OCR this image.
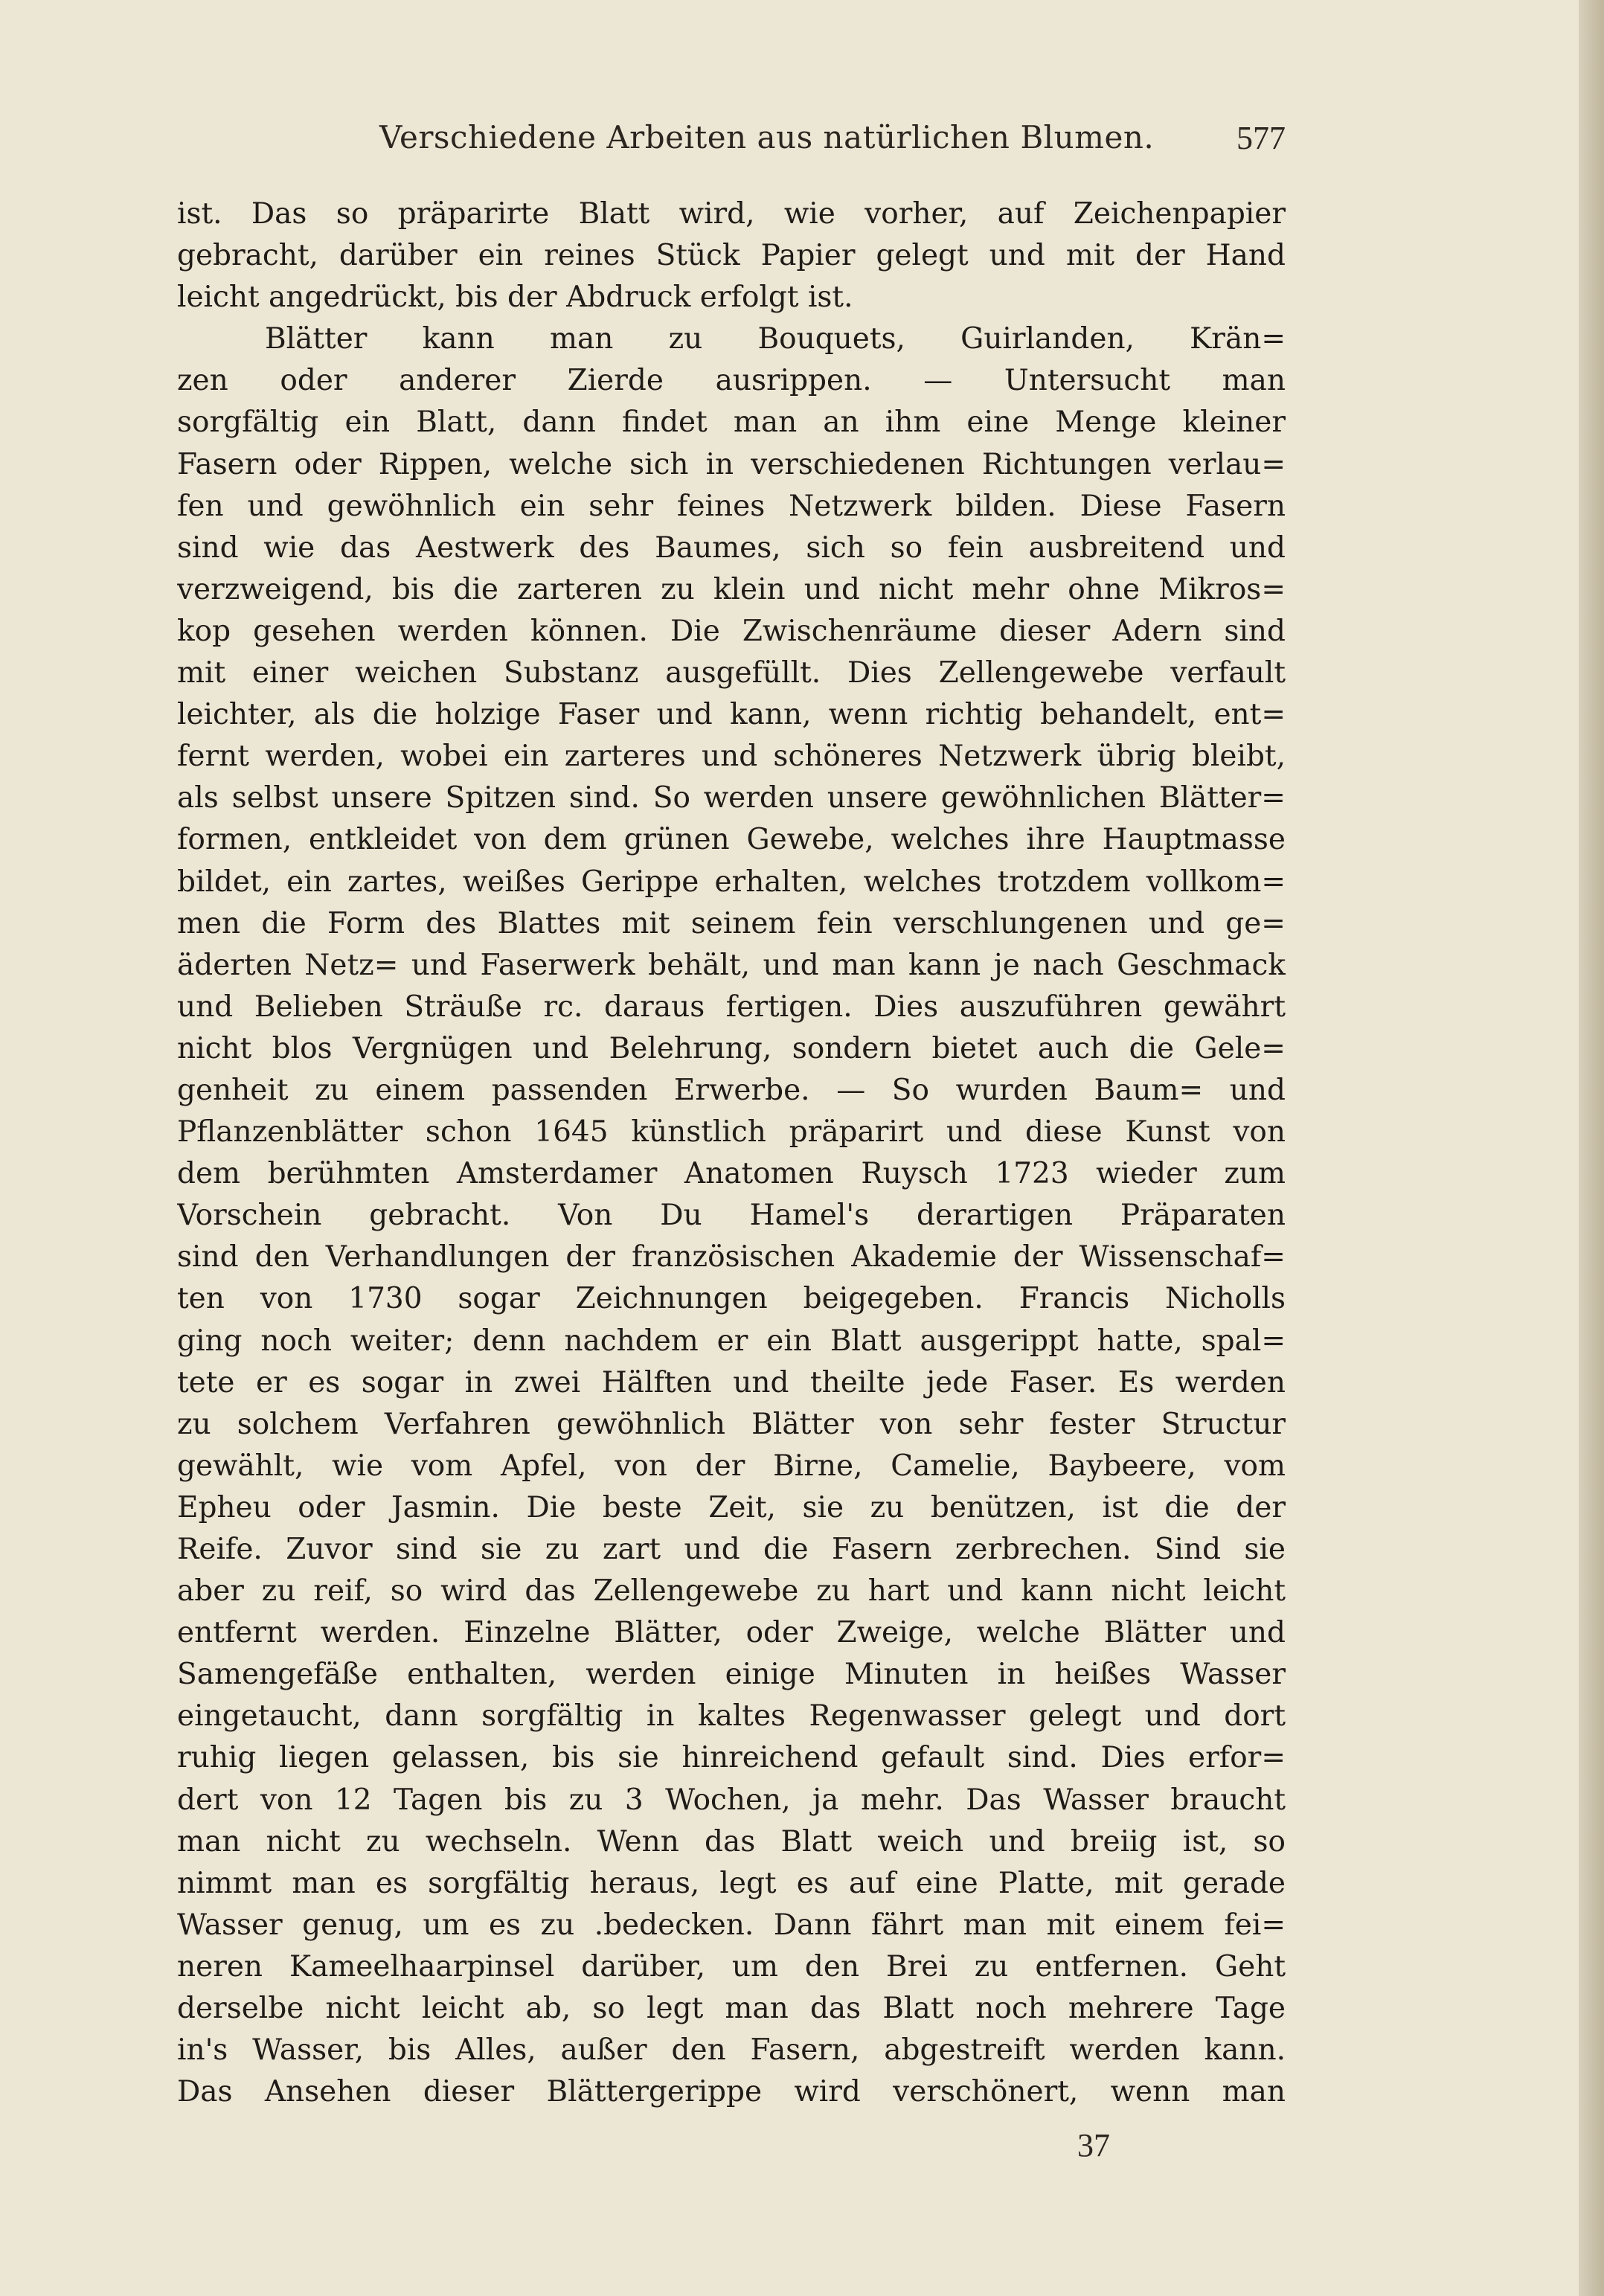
Verschiedene Arbeiten aus natürlichen Blumen.	577
ist. Das so präparirte Blatt wird, wie vorher, auf Zeichenpapier
gebracht, darüber ein reines Stück Papier gelegt und mit der Hand
leicht angedrückt, bis der Abdruck erfolgt ist.
Blätter kann man zu Bouquets, Guirlanden, Krän=
zen oder anderer Zierde ausrippen. — Untersucht man
sorgfältig ein Blatt, dann findet man an ihm eine Menge kleiner
Fasern oder Rippen, welche sich in verschiedenen Richtungen verlau=
fen und gewöhnlich ein sehr feines Netzwerk bilden. Diese Fasern
sind wie das Aestwerk des Baumes, sich so fein ausbreitend und
verzweigend, bis die zarteren zu klein und nicht mehr ohne Mikros=
kop gesehen werden können. Die Zwischenräume dieser Adern sind
mit einer weichen Substanz ausgefüllt. Dies Zellengewebe verfault
leichter, als die holzige Faser und kann, wenn richtig behandelt, ent=
fernt werden, wobei ein zarteres und schöneres Netzwerk übrig bleibt,
als selbst unsere Spitzen sind. So werden unsere gewöhnlichen Blätter=
formen, entkleidet von dem grünen Gewebe, welches ihre Hauptmasse
bildet, ein zartes, weißes Gerippe erhalten, welches trotzdem vollkom=
men die Form des Blattes mit seinem fein verschlungenen und ge=
äderten Netz= und Faserwerk behält, und man kann je nach Geschmack
und Belieben Sträuße rc. daraus fertigen. Dies auszuführen gewährt
nicht blos Vergnügen und Belehrung, sondern bietet auch die Gele=
genheit zu einem passenden Erwerbe. — So wurden Baum= und
Pflanzenblätter schon 1645 künstlich präparirt und diese Kunst von
dem berühmten Amsterdamer Anatomen Ruysch 1723 wieder zum
Vorschein gebracht. Von Du Hamel's derartigen Präparaten
sind den Verhandlungen der französischen Akademie der Wissenschaf=
ten von 1730 sogar Zeichnungen beigegeben. Francis Nicholls
ging noch weiter; denn nachdem er ein Blatt ausgerippt hatte, spal=
tete er es sogar in zwei Hälften und theilte jede Faser. Es werden
zu solchem Verfahren gewöhnlich Blätter von sehr fester Structur
gewählt, wie vom Apfel, von der Birne, Camelie, Baybeere, vom
Epheu oder Jasmin. Die beste Zeit, sie zu benützen, ist die der
Reife. Zuvor sind sie zu zart und die Fasern zerbrechen. Sind sie
aber zu reif, so wird das Zellengewebe zu hart und kann nicht leicht
entfernt werden. Einzelne Blätter, oder Zweige, welche Blätter und
Samengefäße enthalten, werden einige Minuten in heißes Wasser
eingetaucht, dann sorgfältig in kaltes Regenwasser gelegt und dort
ruhig liegen gelassen, bis sie hinreichend gefault sind. Dies erfor=
dert von 12 Tagen bis zu 3 Wochen, ja mehr. Das Wasser braucht
man nicht zu wechseln. Wenn das Blatt weich und breiig ist, so
nimmt man es sorgfältig heraus, legt es auf eine Platte, mit gerade
Wasser genug, um es zu .bedecken. Dann fährt man mit einem fei=
neren Kameelhaarpinsel darüber, um den Brei zu entfernen. Geht
derselbe nicht leicht ab, so legt man das Blatt noch mehrere Tage
in's Wasser, bis Alles, außer den Fasern, abgestreift werden kann.
Das Ansehen dieser Blättergerippe wird verschönert, wenn man
37
